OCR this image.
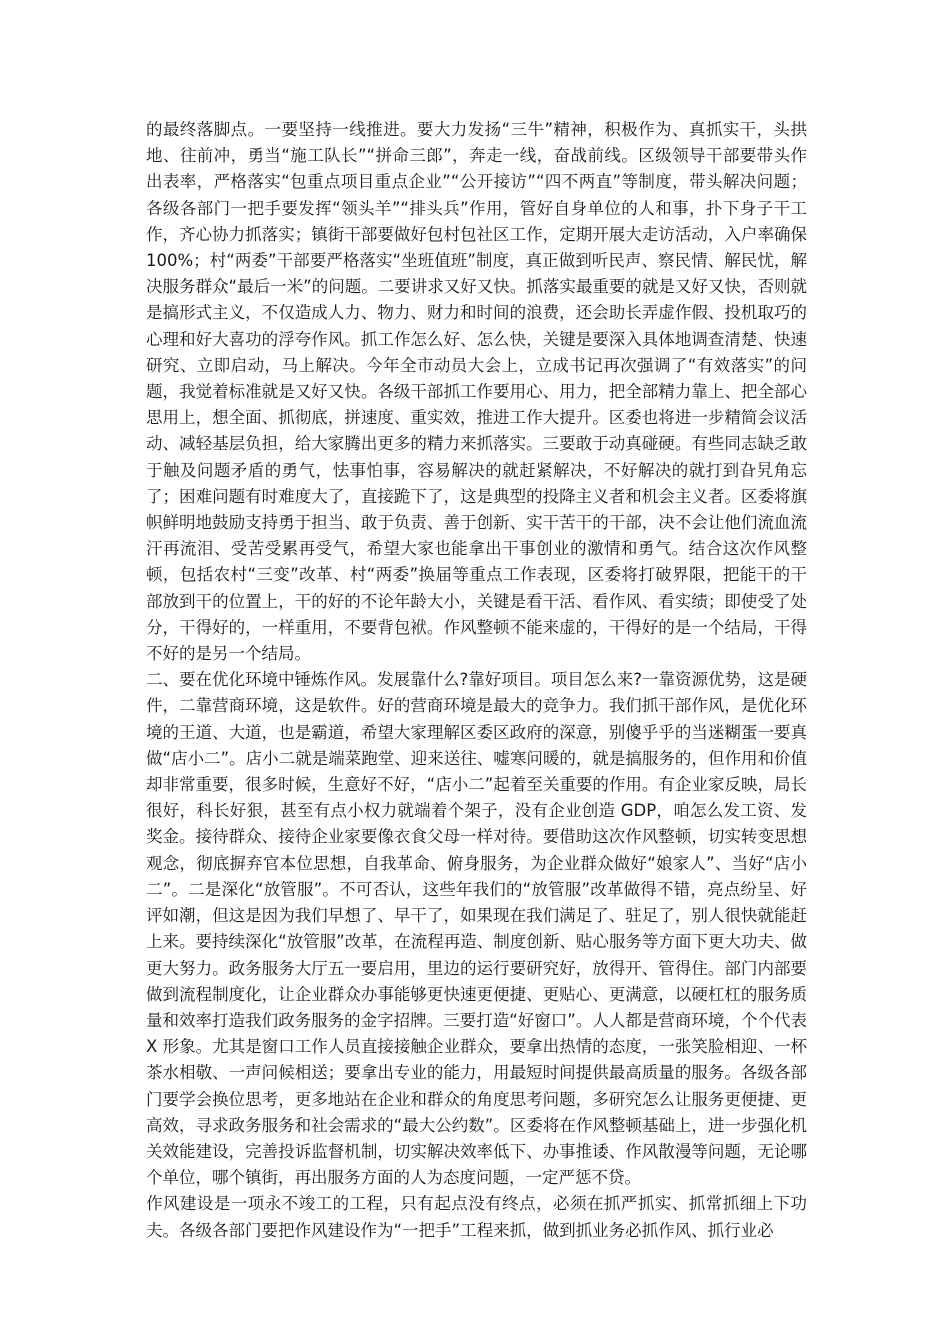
的最终落脚点。一要坚持一线推进。要大力发扬“三牛”精神，积极作为、真抓实干，头拱地、往前冲，勇当“施工队长”“拼命三郎”，奔走一线，奋战前线。区级领导干部要带头作出表率，严格落实“包重点项目重点企业”“公开接访”“四不两直”等制度，带头解决问题；各级各部门一把手要发挥“领头羊”“排头兵”作用，管好自身单位的人和事，扑下身子干工作，齐心协力抓落实；镇街干部要做好包村包社区工作，定期开展大走访活动，入户率确保 100%；村“两委”干部要严格落实“坐班值班”制度，真正做到听民声、察民情、解民忧，解决服务群众“最后一米”的问题。二要讲求又好又快。抓落实最重要的就是又好又快，否则就是搞形式主义，不仅造成人力、物力、财力和时间的浪费，还会助长弄虚作假、投机取巧的心理和好大喜功的浮夸作风。抓工作怎么好、怎么快，关键是要深入具体地调查清楚、快速研究、立即启动，马上解决。今年全市动员大会上，立成书记再次强调了“有效落实”的问题，我觉着标准就是又好又快。各级干部抓工作要用心、用力，把全部精力靠上、把全部心思用上，想全面、抓彻底，拼速度、重实效，推进工作大提升。区委也将进一步精简会议活动、减轻基层负担，给大家腾出更多的精力来抓落实。三要敢于动真碰硬。有些同志缺乏敢于触及问题矛盾的勇气，怯事怕事，容易解决的就赶紧解决，不好解决的就打到旮旯角忘了；困难问题有时难度大了，直接跪下了，这是典型的投降主义者和机会主义者。区委将旗帜鲜明地鼓励支持勇于担当、敢于负责、善于创新、实干苦干的干部，决不会让他们流血流汗再流泪、受苦受累再受气，希望大家也能拿出干事创业的激情和勇气。结合这次作风整顿，包括农村“三变”改革、村“两委”换届等重点工作表现，区委将打破界限，把能干的干部放到干的位置上，干的好的不论年龄大小，关键是看干活、看作风、看实绩；即使受了处分，干得好的，一样重用，不要背包袱。作风整顿不能来虚的，干得好的是一个结局，干得不好的是另一个结局。

二、要在优化环境中锤炼作风。发展靠什么?靠好项目。项目怎么来?一靠资源优势，这是硬件，二靠营商环境，这是软件。好的营商环境是最大的竞争力。我们抓干部作风，是优化环境的王道、大道，也是霸道，希望大家理解区委区政府的深意，别傻乎乎的当迷糊蛋一要真做“店小二”。店小二就是端菜跑堂、迎来送往、嘘寒问暖的，就是搞服务的，但作用和价值却非常重要，很多时候，生意好不好，“店小二”起着至关重要的作用。有企业家反映，局长很好，科长好狠，甚至有点小权力就端着个架子，没有企业创造 GDP，咱怎么发工资、发奖金。接待群众、接待企业家要像衣食父母一样对待。要借助这次作风整顿，切实转变思想观念，彻底摒弃官本位思想，自我革命、俯身服务，为企业群众做好“娘家人”、当好“店小二”。二是深化“放管服”。不可否认，这些年我们的“放管服”改革做得不错，亮点纷呈、好评如潮，但这是因为我们早想了、早干了，如果现在我们满足了、驻足了，别人很快就能赶上来。要持续深化“放管服”改革，在流程再造、制度创新、贴心服务等方面下更大功夫、做更大努力。政务服务大厅五一要启用，里边的运行要研究好，放得开、管得住。部门内部要做到流程制度化，让企业群众办事能够更快速更便捷、更贴心、更满意，以硬杠杠的服务质量和效率打造我们政务服务的金字招牌。三要打造“好窗口”。人人都是营商环境，个个代表 X 形象。尤其是窗口工作人员直接接触企业群众，要拿出热情的态度，一张笑脸相迎、一杯茶水相敬、一声问候相送；要拿出专业的能力，用最短时间提供最高质量的服务。各级各部门要学会换位思考，更多地站在企业和群众的角度思考问题，多研究怎么让服务更便捷、更高效，寻求政务服务和社会需求的“最大公约数”。区委将在作风整顿基础上，进一步强化机关效能建设，完善投诉监督机制，切实解决效率低下、办事推诿、作风散漫等问题，无论哪个单位，哪个镇街，再出服务方面的人为态度问题，一定严惩不贷。

作风建设是一项永不竣工的工程，只有起点没有终点，必须在抓严抓实、抓常抓细上下功夫。各级各部门要把作风建设作为“一把手”工程来抓，做到抓业务必抓作风、抓行业必
